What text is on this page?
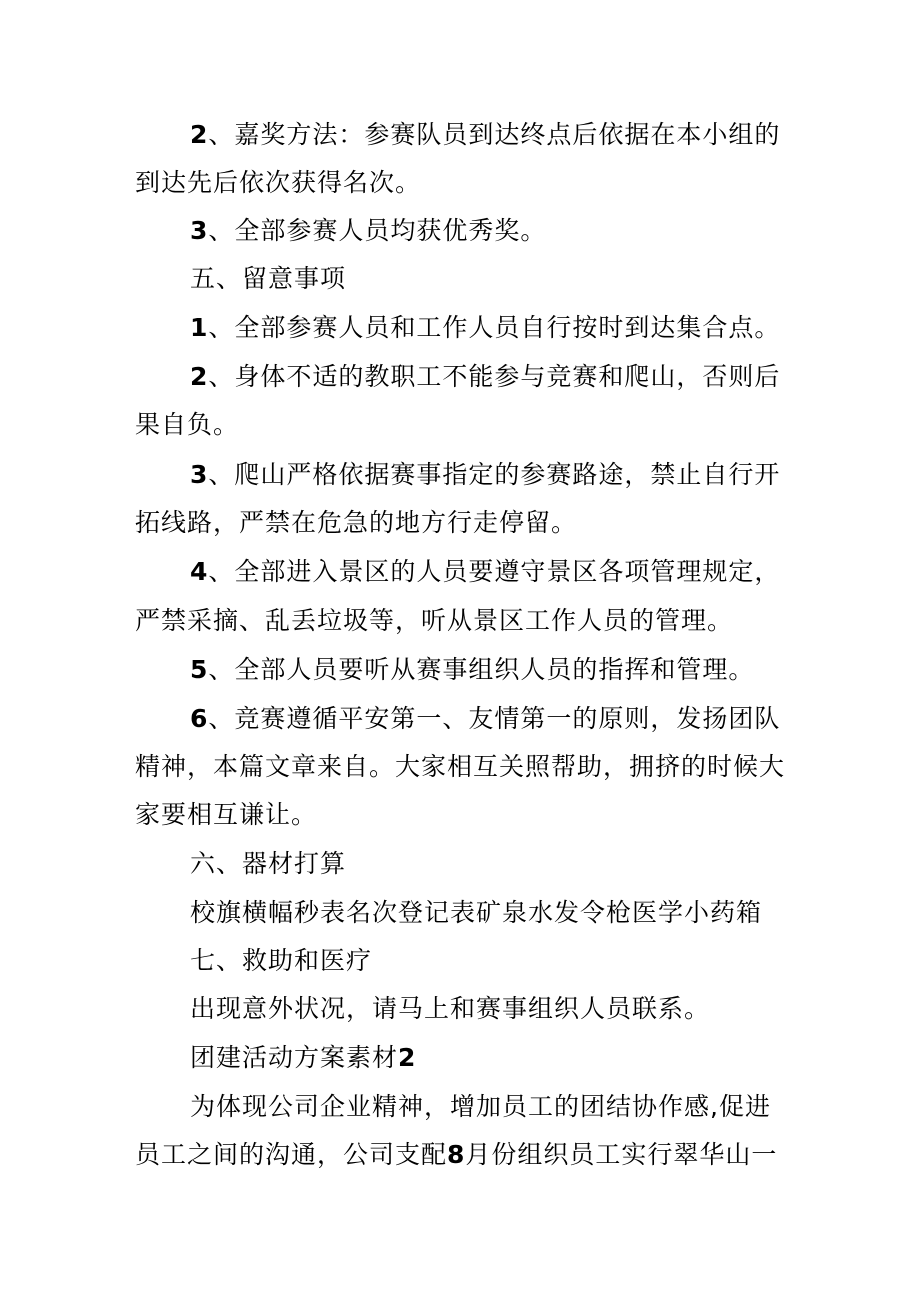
2、嘉奖方法：参赛队员到达终点后依据在本小组的
到达先后依次获得名次。
3、全部参赛人员均获优秀奖。
五、留意事项
1、全部参赛人员和工作人员自行按时到达集合点。
2、身体不适的教职工不能参与竞赛和爬山，否则后
果自负。
3、爬山严格依据赛事指定的参赛路途，禁止自行开
拓线路，严禁在危急的地方行走停留。
4、全部进入景区的人员要遵守景区各项管理规定，
严禁采摘、乱丢垃圾等，听从景区工作人员的管理。
5、全部人员要听从赛事组织人员的指挥和管理。
6、竞赛遵循平安第一、友情第一的原则，发扬团队
精神，本篇文章来自。大家相互关照帮助，拥挤的时候大
家要相互谦让。
六、器材打算
校旗横幅秒表名次登记表矿泉水发令枪医学小药箱
七、救助和医疗
出现意外状况，请马上和赛事组织人员联系。
团建活动方案素材2
为体现公司企业精神，增加员工的团结协作感,促进
员工之间的沟通，公司支配8月份组织员工实行翠华山一
